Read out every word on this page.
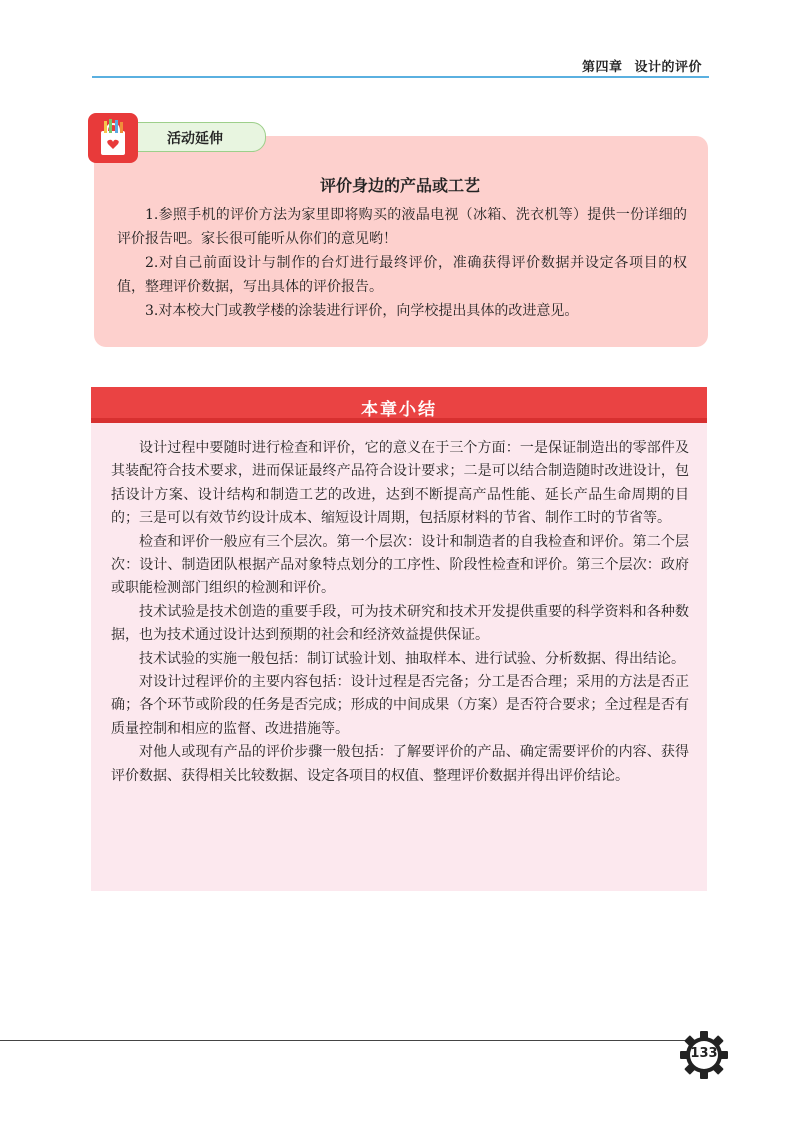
第四章 设计的评价
活动延伸
评价身边的产品或工艺

1.参照手机的评价方法为家里即将购买的液晶电视（冰箱、洗衣机等）提供一份详细的评价报告吧。家长很可能听从你们的意见哟！

2.对自己前面设计与制作的台灯进行最终评价，准确获得评价数据并设定各项目的权值，整理评价数据，写出具体的评价报告。

3.对本校大门或教学楼的涂装进行评价，向学校提出具体的改进意见。

本章小结

设计过程中要随时进行检查和评价，它的意义在于三个方面：一是保证制造出的零部件及其装配符合技术要求，进而保证最终产品符合设计要求；二是可以结合制造随时改进设计，包括设计方案、设计结构和制造工艺的改进，达到不断提高产品性能、延长产品生命周期的目的；三是可以有效节约设计成本、缩短设计周期，包括原材料的节省、制作工时的节省等。

检查和评价一般应有三个层次。第一个层次：设计和制造者的自我检查和评价。第二个层次：设计、制造团队根据产品对象特点划分的工序性、阶段性检查和评价。第三个层次：政府或职能检测部门组织的检测和评价。

技术试验是技术创造的重要手段，可为技术研究和技术开发提供重要的科学资料和各种数据，也为技术通过设计达到预期的社会和经济效益提供保证。

技术试验的实施一般包括：制订试验计划、抽取样本、进行试验、分析数据、得出结论。

对设计过程评价的主要内容包括：设计过程是否完备；分工是否合理；采用的方法是否正确；各个环节或阶段的任务是否完成；形成的中间成果（方案）是否符合要求；全过程是否有质量控制和相应的监督、改进措施等。

对他人或现有产品的评价步骤一般包括：了解要评价的产品、确定需要评价的内容、获得评价数据、获得相关比较数据、设定各项目的权值、整理评价数据并得出评价结论。

133
